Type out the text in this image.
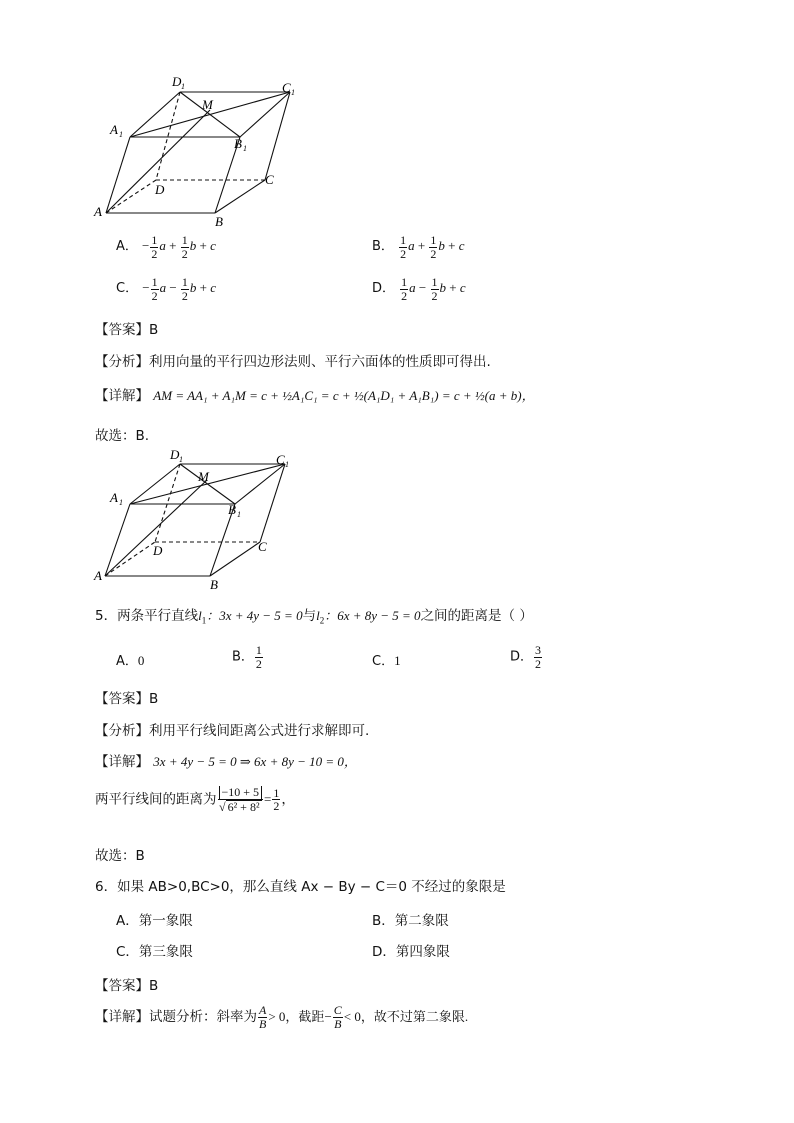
D 1	C 1
A 1
M
B 1
D
C
A
B
A． − $\frac{1}{2}$ $a + \frac{1}{2}$ b + c	B． $\frac{1}{2}$ $a + \frac{1}{2}$ b + c
C． − $\frac{1}{2}$ $a - \frac{1}{2}$ b + c	D． $\frac{1}{2}$ $a - \frac{1}{2}$ b + c
【答案】B
【分析】利用向量的平行四边形法则、平行六面体的性质即可得出.
【详解】 AM = AA₁ + A₁M = c + ½A₁C₁ = c + ½(A₁D₁ + A₁B₁) = c + ½(a + b)，
故选：B.
D 1	C 1
A 1
M
B 1
D	C
A
B
5．两条平行直线$l_1$：3x + 4y − 5 = 0与$l_2$：6x + 8y − 5 = 0之间的距离是（ ）
A．0	B． $\frac{1}{2}$	C．1	D． $\frac{3}{2}$
【答案】B
【分析】利用平行线间距离公式进行求解即可.
【详解】 3x + 4y − 5 = 0 ⇒ 6x + 8y − 10 = 0，
两平行线间的距离为 $\frac{-10 + 5}{\text{√ 6² + 8²}} = \frac{1}{2}$ ，
故选：B
6．如果 AB>0,BC>0，那么直线 Ax − By − C＝0 不经过的象限是
A．第一象限	B．第二象限
C．第三象限	D．第四象限
【答案】B
【详解】试题分析：斜率为 $\frac{A}{B} > 0$，截距− $\frac{C}{B} < 0$，故不过第二象限.
